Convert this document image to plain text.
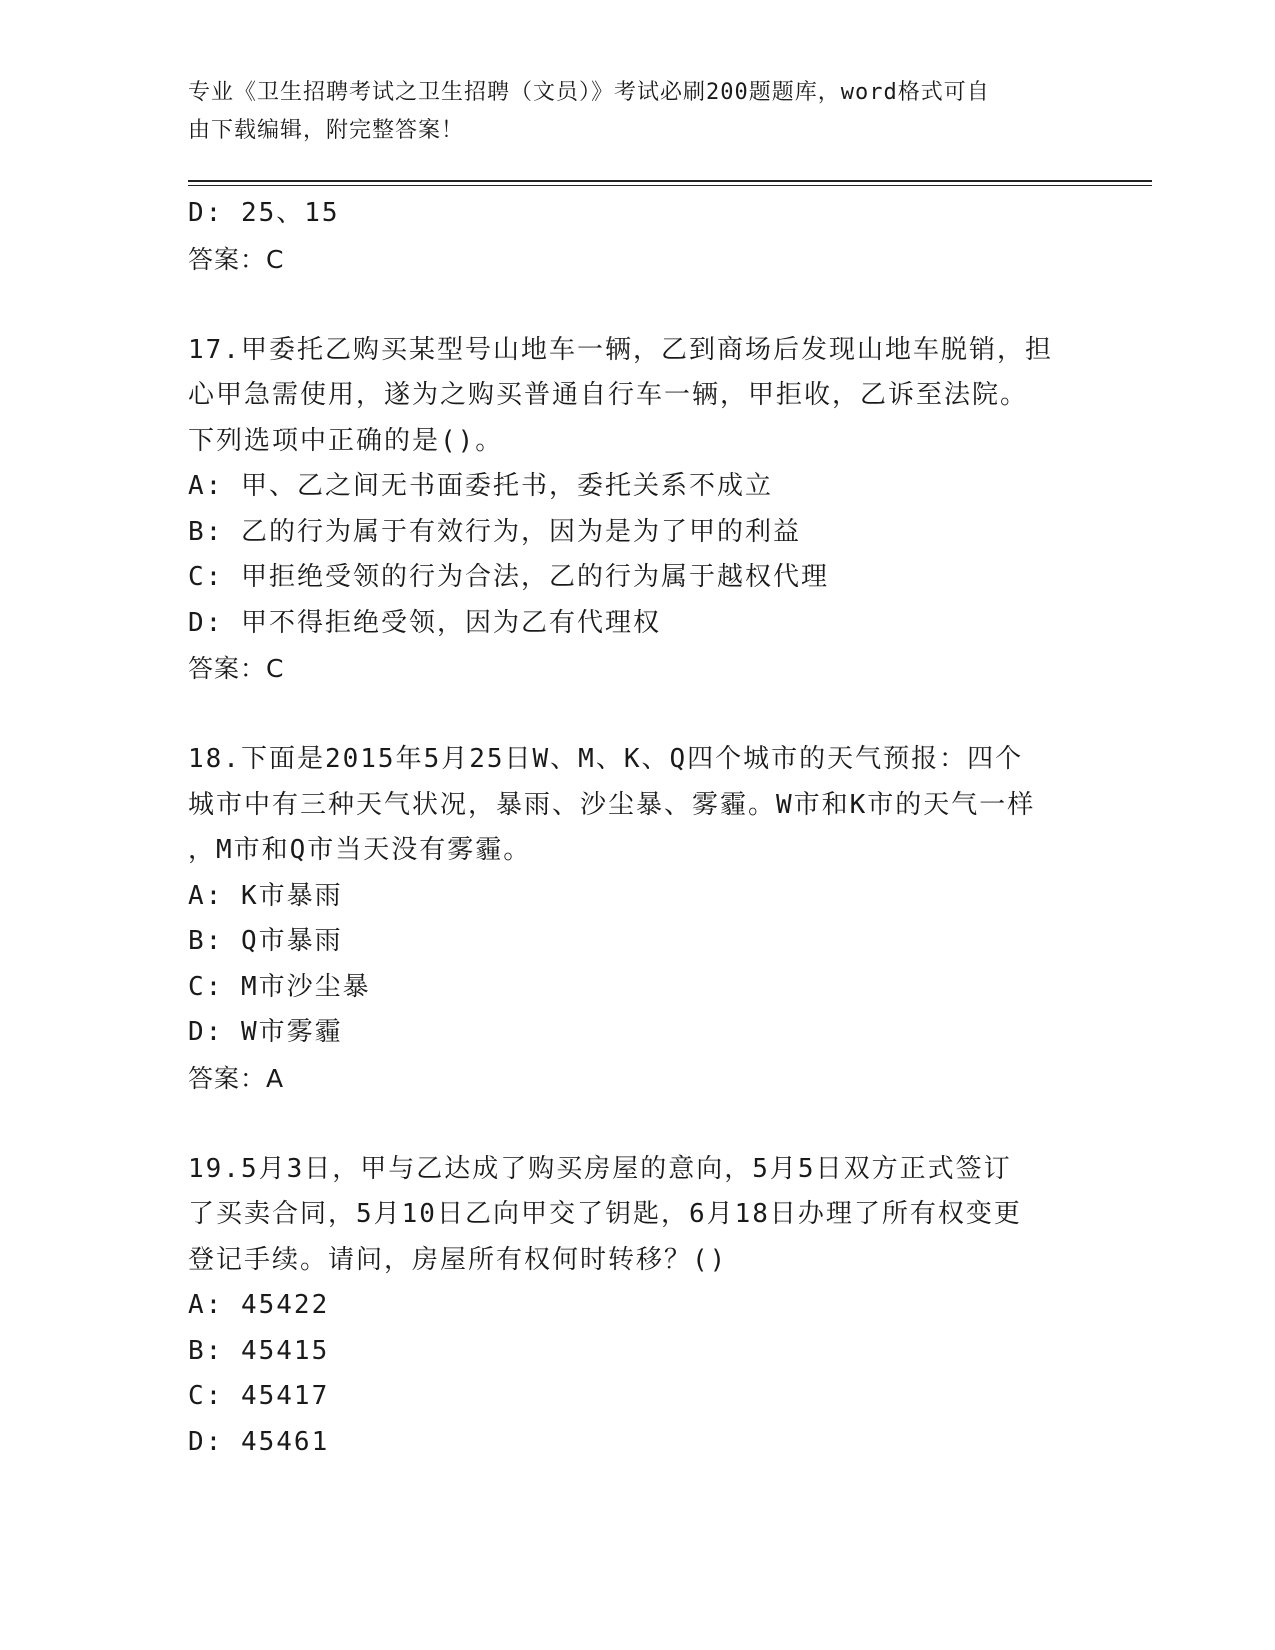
专业《卫生招聘考试之卫生招聘（文员）》考试必刷200题题库，word格式可自
由下载编辑，附完整答案！
D: 25、15
答案：C
17.甲委托乙购买某型号山地车一辆，乙到商场后发现山地车脱销，担
心甲急需使用，遂为之购买普通自行车一辆，甲拒收，乙诉至法院。
下列选项中正确的是()。
A: 甲、乙之间无书面委托书，委托关系不成立
B: 乙的行为属于有效行为，因为是为了甲的利益
C: 甲拒绝受领的行为合法，乙的行为属于越权代理
D: 甲不得拒绝受领，因为乙有代理权
答案：C
18.下面是2015年5月25日W、M、K、Q四个城市的天气预报：四个
城市中有三种天气状况，暴雨、沙尘暴、雾霾。W市和K市的天气一样
，M市和Q市当天没有雾霾。
A: K市暴雨
B: Q市暴雨
C: M市沙尘暴
D: W市雾霾
答案：A
19.5月3日，甲与乙达成了购买房屋的意向，5月5日双方正式签订
了买卖合同，5月10日乙向甲交了钥匙，6月18日办理了所有权变更
登记手续。请问，房屋所有权何时转移？()
A: 45422
B: 45415
C: 45417
D: 45461
